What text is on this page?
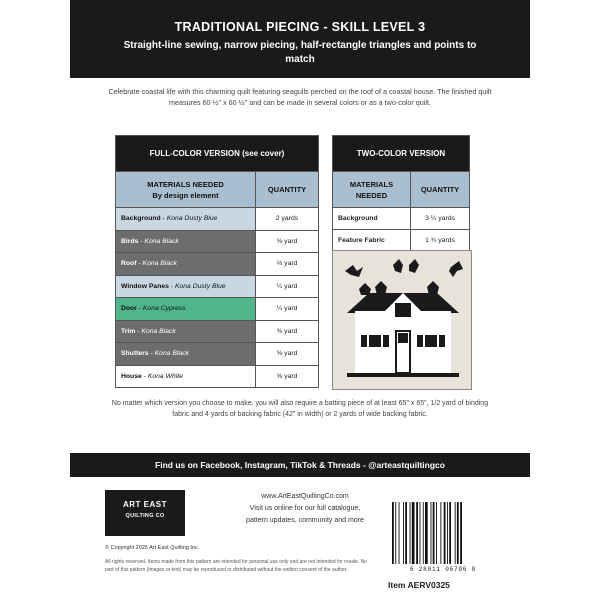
TRADITIONAL PIECING - SKILL LEVEL 3
Straight-line sewing, narrow piecing, half-rectangle triangles and points to match
Celebrate coastal life with this charming quilt featuring seagulls perched on the roof of a coastal house. The finished quilt measures 60 ½" x 60 ½" and can be made in several colors or as a two-color quilt.
FULL-COLOR VERSION (see cover)	

MATERIALS NEEDED
By design element	QUANTITY
Background - Kona Dusty Blue	2 yards
Birds - Kona Black	⅜ yard
Roof - Kona Black	⅔ yard
Window Panes - Kona Dusty Blue	¼ yard
Door - Kona Cypress	¼ yard
Trim - Kona Black	⅜ yard
Shutters - Kona Black	⅝ yard
House - Kona White	⅝ yard
TWO-COLOR VERSION	

MATERIALS
NEEDED	QUANTITY
Background	3 ¼ yards
Feature Fabric	1 ¾ yards
No matter which version you choose to make, you will also require a batting piece of at least 65" x 65", 1/2 yard of binding fabric and 4 yards of backing fabric (42" in width) or 2 yards of wide backing fabric.
Find us on Facebook, Instagram, TikTok & Threads - @arteastquiltingco
ART EAST
QUILTING CO
www.ArtEastQuiltingCo.com
Visit us online for our full catalogue,
pattern updates, community and more
© Copyright 2025 Art East Quilting Inc.
All rights reserved. Items made from this pattern are intended for personal use only and are not intended for resale. No part of this pattern (images or text) may be reproduced or distributed without the written consent of the author.	6 28011 06796 8
Item AERV0325
